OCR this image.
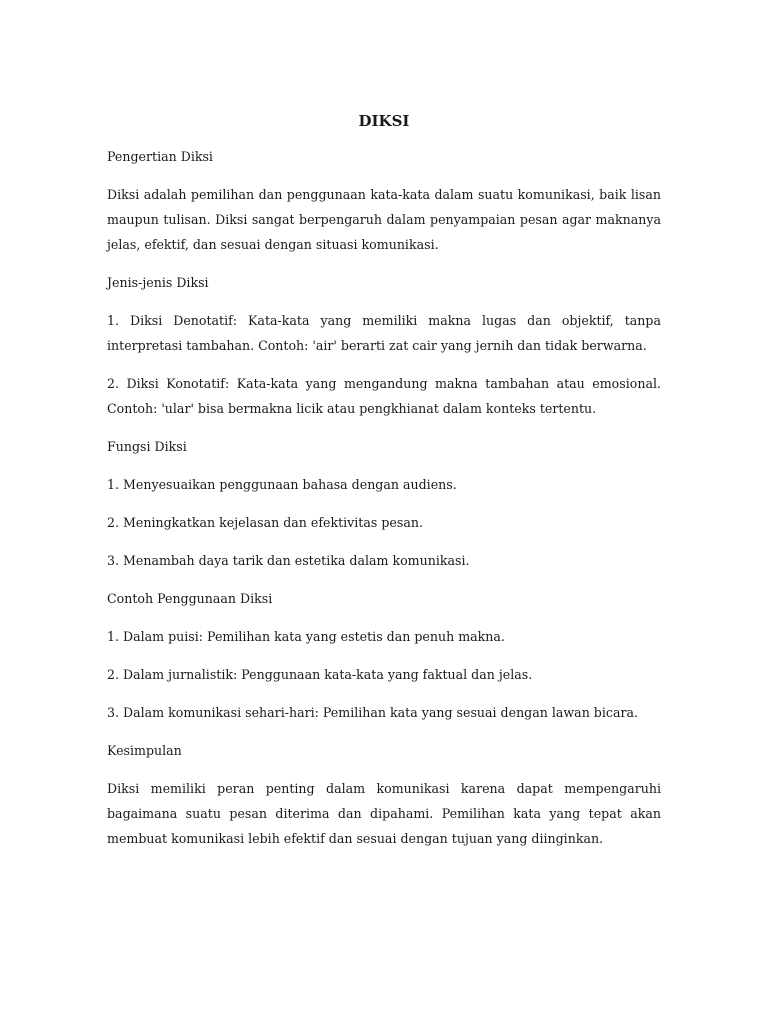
DIKSI
Pengertian Diksi

Diksi adalah pemilihan dan penggunaan kata-kata dalam suatu komunikasi, baik lisan maupun tulisan. Diksi sangat berpengaruh dalam penyampaian pesan agar maknanya jelas, efektif, dan sesuai dengan situasi komunikasi.

Jenis-jenis Diksi

1. Diksi Denotatif: Kata-kata yang memiliki makna lugas dan objektif, tanpa interpretasi tambahan. Contoh: 'air' berarti zat cair yang jernih dan tidak berwarna.

2. Diksi Konotatif: Kata-kata yang mengandung makna tambahan atau emosional. Contoh: 'ular' bisa bermakna licik atau pengkhianat dalam konteks tertentu.

Fungsi Diksi

1. Menyesuaikan penggunaan bahasa dengan audiens.

2. Meningkatkan kejelasan dan efektivitas pesan.

3. Menambah daya tarik dan estetika dalam komunikasi.

Contoh Penggunaan Diksi

1. Dalam puisi: Pemilihan kata yang estetis dan penuh makna.

2. Dalam jurnalistik: Penggunaan kata-kata yang faktual dan jelas.

3. Dalam komunikasi sehari-hari: Pemilihan kata yang sesuai dengan lawan bicara.

Kesimpulan

Diksi memiliki peran penting dalam komunikasi karena dapat mempengaruhi bagaimana suatu pesan diterima dan dipahami. Pemilihan kata yang tepat akan membuat komunikasi lebih efektif dan sesuai dengan tujuan yang diinginkan.
